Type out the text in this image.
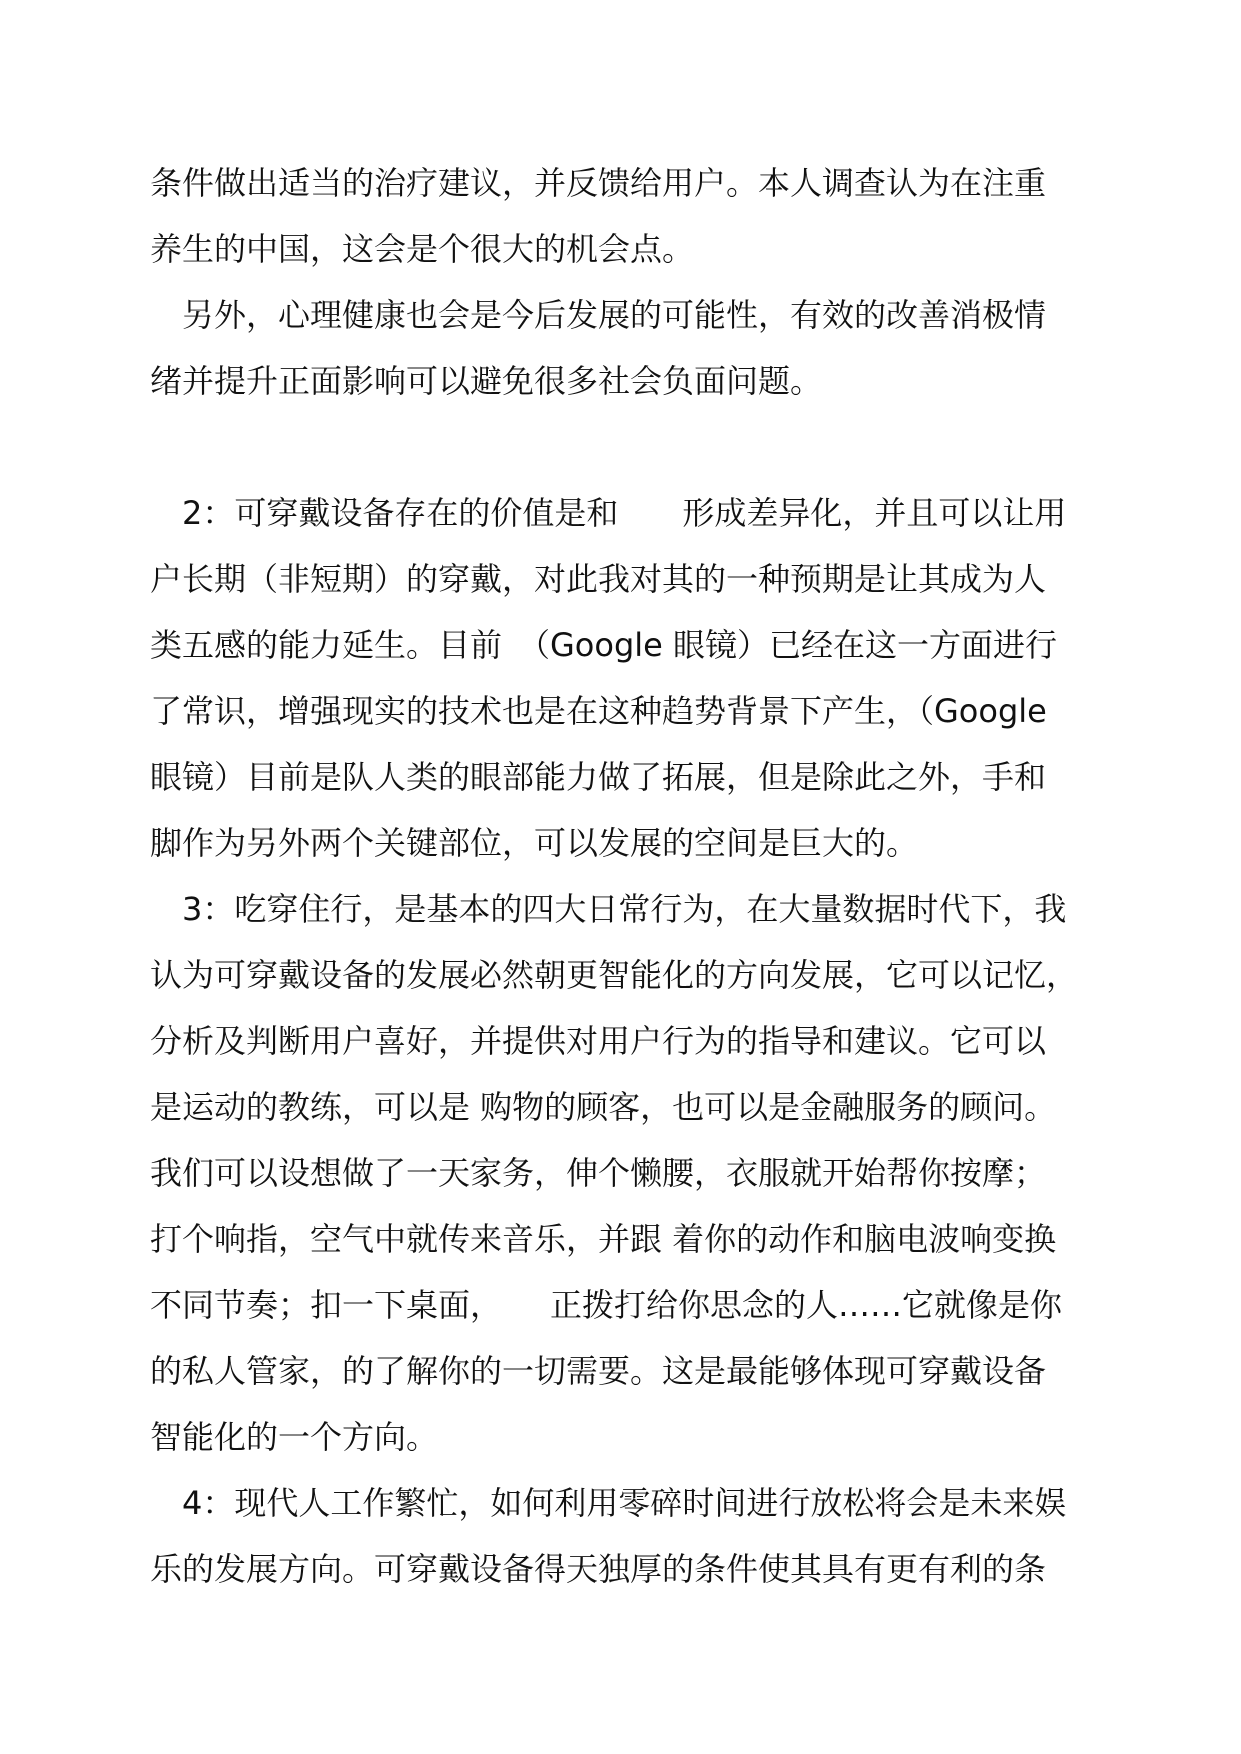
条件做出适当的治疗建议，并反馈给用户。本人调查认为在注重
养生的中国，这会是个很大的机会点。
　另外，心理健康也会是今后发展的可能性，有效的改善消极情
绪并提升正面影响可以避免很多社会负面问题。
　2：可穿戴设备存在的价值是和　　形成差异化，并且可以让用
户长期（非短期）的穿戴，对此我对其的一种预期是让其成为人
类五感的能力延生。目前　（Google 眼镜）已经在这一方面进行
了常识，增强现实的技术也是在这种趋势背景下产生，（Google
眼镜）目前是队人类的眼部能力做了拓展，但是除此之外，手和
脚作为另外两个关键部位，可以发展的空间是巨大的。
　3：吃穿住行，是基本的四大日常行为，在大量数据时代下，我
认为可穿戴设备的发展必然朝更智能化的方向发展，它可以记忆，
分析及判断用户喜好，并提供对用户行为的指导和建议。它可以
是运动的教练，可以是 购物的顾客，也可以是金融服务的顾问。
我们可以设想做了一天家务，伸个懒腰，衣服就开始帮你按摩；
打个响指，空气中就传来音乐，并跟 着你的动作和脑电波响变换
不同节奏；扣一下桌面，　　正拨打给你思念的人……它就像是你
的私人管家，的了解你的一切需要。这是最能够体现可穿戴设备
智能化的一个方向。
　4：现代人工作繁忙，如何利用零碎时间进行放松将会是未来娱
乐的发展方向。可穿戴设备得天独厚的条件使其具有更有利的条
